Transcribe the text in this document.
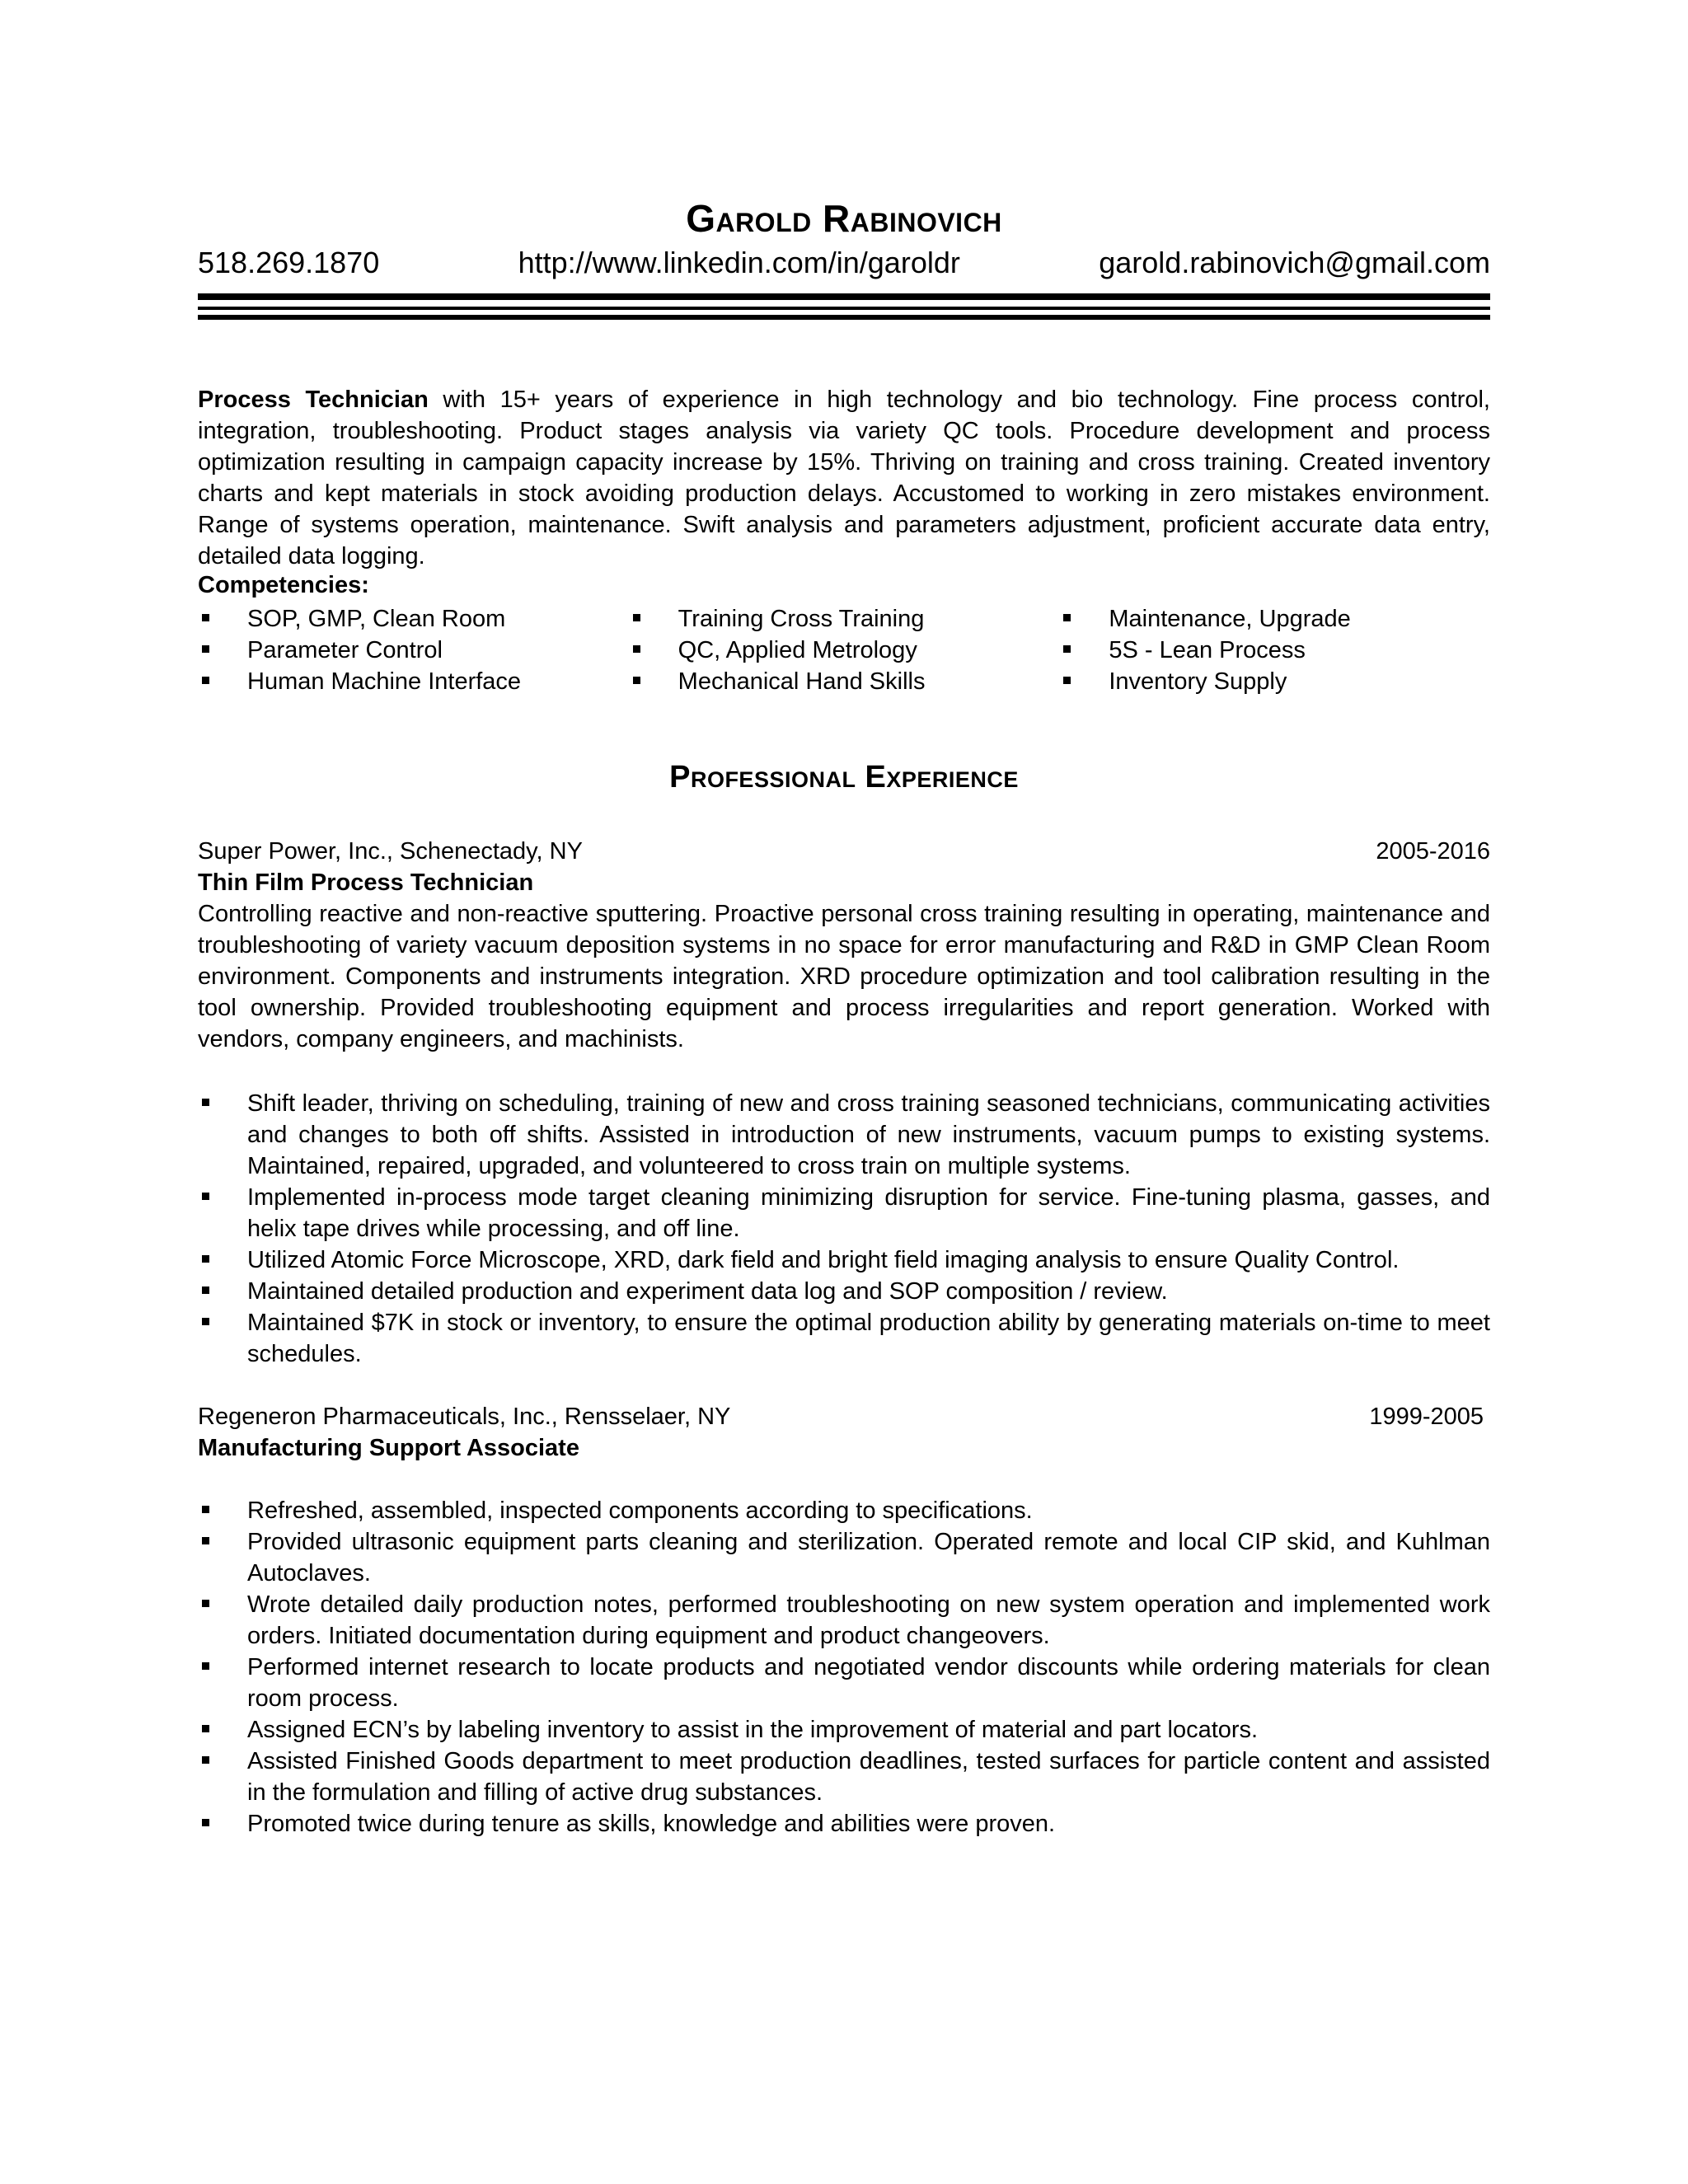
Garold Rabinovich
518.269.1870	http://www.linkedin.com/in/garoldr	garold.rabinovich@gmail.com

Process Technician with 15+ years of experience in high technology and bio technology. Fine process control, integration, troubleshooting. Product stages analysis via variety QC tools. Procedure development and process optimization resulting in campaign capacity increase by 15%. Thriving on training and cross training. Created inventory charts and kept materials in stock avoiding production delays. Accustomed to working in zero mistakes environment. Range of systems operation, maintenance. Swift analysis and parameters adjustment, proficient accurate data entry, detailed data logging.

Competencies:
SOP, GMP, Clean Room
Parameter Control
Human Machine Interface
Training Cross Training
QC, Applied Metrology
Mechanical Hand Skills
Maintenance, Upgrade
5S - Lean Process
Inventory Supply
Professional Experience
Super Power, Inc., Schenectady, NY	2005-2016
Thin Film Process Technician

Controlling reactive and non-reactive sputtering. Proactive personal cross training resulting in operating, maintenance and troubleshooting of variety vacuum deposition systems in no space for error manufacturing and R&D in GMP Clean Room environment. Components and instruments integration. XRD procedure optimization and tool calibration resulting in the tool ownership. Provided troubleshooting equipment and process irregularities and report generation. Worked with vendors, company engineers, and machinists.

Shift leader, thriving on scheduling, training of new and cross training seasoned technicians, communicating activities and changes to both off shifts. Assisted in introduction of new instruments, vacuum pumps to existing systems. Maintained, repaired, upgraded, and volunteered to cross train on multiple systems.
Implemented in-process mode target cleaning minimizing disruption for service. Fine-tuning plasma, gasses, and helix tape drives while processing, and off line.
Utilized Atomic Force Microscope, XRD, dark field and bright field imaging analysis to ensure Quality Control.
Maintained detailed production and experiment data log and SOP composition / review.
Maintained $7K in stock or inventory, to ensure the optimal production ability by generating materials on-time to meet schedules.
Regeneron Pharmaceuticals, Inc., Rensselaer, NY	1999-2005
Manufacturing Support Associate
Refreshed, assembled, inspected components according to specifications.
Provided ultrasonic equipment parts cleaning and sterilization. Operated remote and local CIP skid, and Kuhlman Autoclaves.
Wrote detailed daily production notes, performed troubleshooting on new system operation and implemented work orders. Initiated documentation during equipment and product changeovers.
Performed internet research to locate products and negotiated vendor discounts while ordering materials for clean room process.
Assigned ECN’s by labeling inventory to assist in the improvement of material and part locators.
Assisted Finished Goods department to meet production deadlines, tested surfaces for particle content and assisted in the formulation and filling of active drug substances.
Promoted twice during tenure as skills, knowledge and abilities were proven.
